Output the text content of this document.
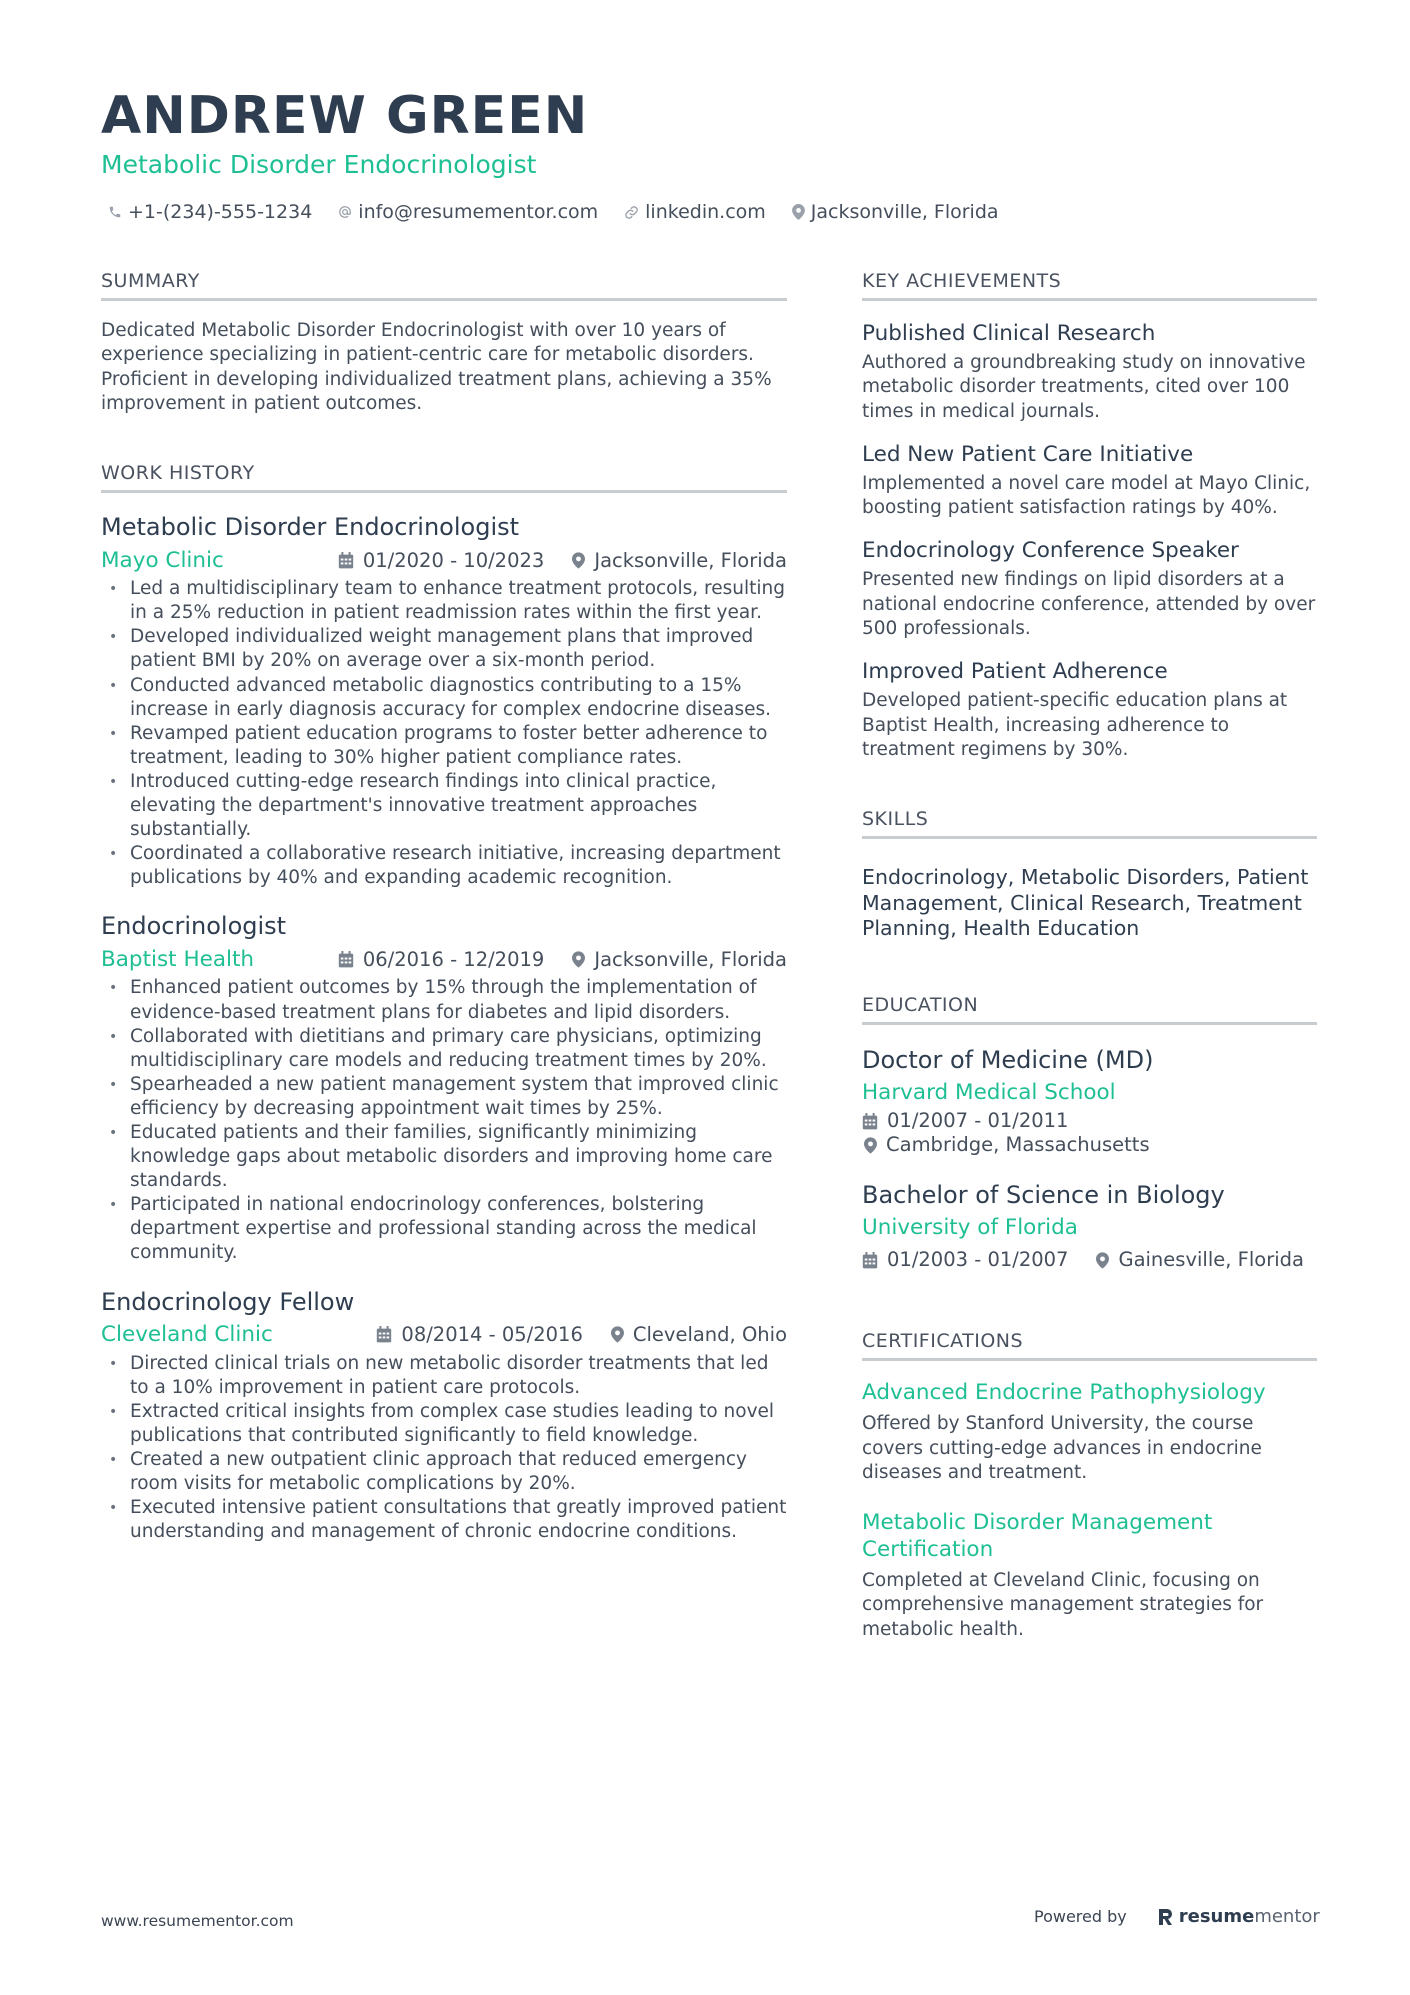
ANDREW GREEN
Metabolic Disorder Endocrinologist
+1-(234)-555-1234 info@resumementor.com linkedin.com Jacksonville, Florida
SUMMARY

Dedicated Metabolic Disorder Endocrinologist with over 10 years of experience specializing in patient-centric care for metabolic disorders. Proficient in developing individualized treatment plans, achieving a 35% improvement in patient outcomes.

WORK HISTORY
Metabolic Disorder Endocrinologist
Mayo Clinic	01/2020 - 10/2023	Jacksonville, Florida
• Led a multidisciplinary team to enhance treatment protocols, resulting in a 25% reduction in patient readmission rates within the first year.
• Developed individualized weight management plans that improved patient BMI by 20% on average over a six-month period.
• Conducted advanced metabolic diagnostics contributing to a 15% increase in early diagnosis accuracy for complex endocrine diseases.
• Revamped patient education programs to foster better adherence to treatment, leading to 30% higher patient compliance rates.
• Introduced cutting-edge research findings into clinical practice, elevating the department's innovative treatment approaches substantially.
• Coordinated a collaborative research initiative, increasing department publications by 40% and expanding academic recognition.
Endocrinologist
Baptist Health	06/2016 - 12/2019	Jacksonville, Florida
• Enhanced patient outcomes by 15% through the implementation of evidence-based treatment plans for diabetes and lipid disorders.
• Collaborated with dietitians and primary care physicians, optimizing multidisciplinary care models and reducing treatment times by 20%.
• Spearheaded a new patient management system that improved clinic efficiency by decreasing appointment wait times by 25%.
• Educated patients and their families, significantly minimizing knowledge gaps about metabolic disorders and improving home care standards.
• Participated in national endocrinology conferences, bolstering department expertise and professional standing across the medical community.
Endocrinology Fellow
Cleveland Clinic	08/2014 - 05/2016	Cleveland, Ohio
• Directed clinical trials on new metabolic disorder treatments that led to a 10% improvement in patient care protocols.
• Extracted critical insights from complex case studies leading to novel publications that contributed significantly to field knowledge.
• Created a new outpatient clinic approach that reduced emergency room visits for metabolic complications by 20%.
• Executed intensive patient consultations that greatly improved patient understanding and management of chronic endocrine conditions.
KEY ACHIEVEMENTS
Published Clinical Research

Authored a groundbreaking study on innovative metabolic disorder treatments, cited over 100 times in medical journals.

Led New Patient Care Initiative

Implemented a novel care model at Mayo Clinic, boosting patient satisfaction ratings by 40%.

Endocrinology Conference Speaker

Presented new findings on lipid disorders at a national endocrine conference, attended by over 500 professionals.

Improved Patient Adherence

Developed patient-specific education plans at Baptist Health, increasing adherence to treatment regimens by 30%.

SKILLS

Endocrinology, Metabolic Disorders, Patient Management, Clinical Research, Treatment Planning, Health Education

EDUCATION
Doctor of Medicine (MD)
Harvard Medical School
01/2007 - 01/2011
Cambridge, Massachusetts
Bachelor of Science in Biology
University of Florida
01/2003 - 01/2007	Gainesville, Florida
CERTIFICATIONS
Advanced Endocrine Pathophysiology

Offered by Stanford University, the course covers cutting-edge advances in endocrine diseases and treatment.

Metabolic Disorder Management Certification

Completed at Cleveland Clinic, focusing on comprehensive management strategies for metabolic health.

www.resumementor.com	Powered by	resume mentor
